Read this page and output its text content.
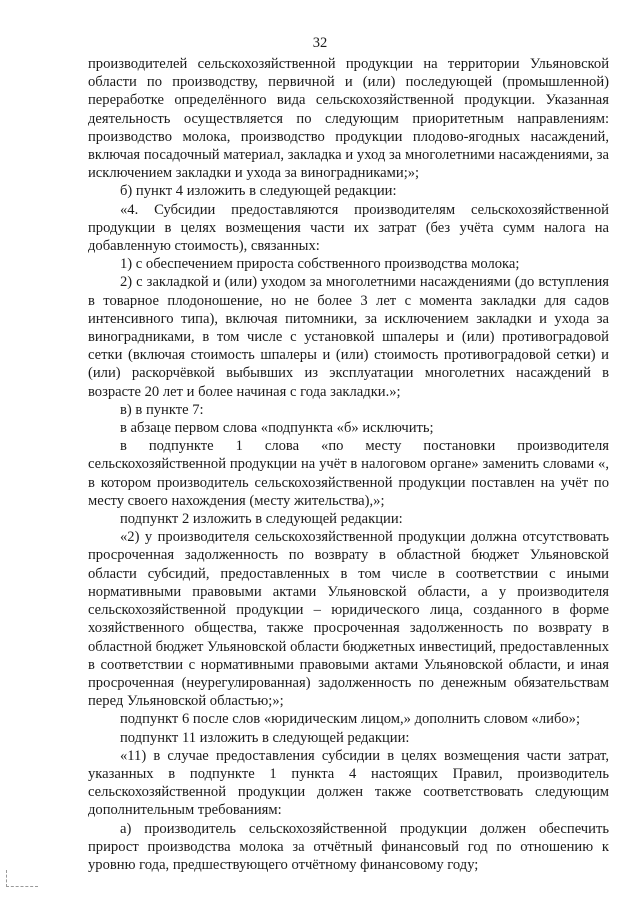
32

производителей сельскохозяйственной продукции на территории Ульяновской области по производству, первичной и (или) последующей (промышленной) переработке определённого вида сельскохозяйственной продукции. Указанная деятельность осуществляется по следующим приоритетным направлениям: производство молока, производство продукции плодово-ягодных насаждений, включая посадочный материал, закладка и уход за многолетними насаждениями, за исключением закладки и ухода за виноградниками;»;

б) пункт 4 изложить в следующей редакции:

«4. Субсидии предоставляются производителям сельскохозяйственной продукции в целях возмещения части их затрат (без учёта сумм налога на добавленную стоимость), связанных:

1) с обеспечением прироста собственного производства молока;

2) с закладкой и (или) уходом за многолетними насаждениями (до вступления в товарное плодоношение, но не более 3 лет с момента закладки для садов интенсивного типа), включая питомники, за исключением закладки и ухода за виноградниками, в том числе с установкой шпалеры и (или) противоградовой сетки (включая стоимость шпалеры и (или) стоимость противоградовой сетки) и (или) раскорчёвкой выбывших из эксплуатации многолетних насаждений в возрасте 20 лет и более начиная с года закладки.»;

в) в пункте 7:

в абзаце первом слова «подпункта «б» исключить;

в подпункте 1 слова «по месту постановки производителя сельскохозяйственной продукции на учёт в налоговом органе» заменить словами «, в котором производитель сельскохозяйственной продукции поставлен на учёт по месту своего нахождения (месту жительства),»;

подпункт 2 изложить в следующей редакции:

«2) у производителя сельскохозяйственной продукции должна отсутствовать просроченная задолженность по возврату в областной бюджет Ульяновской области субсидий, предоставленных в том числе в соответствии с иными нормативными правовыми актами Ульяновской области, а у производителя сельскохозяйственной продукции – юридического лица, созданного в форме хозяйственного общества, также просроченная задолженность по возврату в областной бюджет Ульяновской области бюджетных инвестиций, предоставленных в соответствии с нормативными правовыми актами Ульяновской области, и иная просроченная (неурегулированная) задолженность по денежным обязательствам перед Ульяновской областью;»;

подпункт 6 после слов «юридическим лицом,» дополнить словом «либо»;

подпункт 11 изложить в следующей редакции:

«11) в случае предоставления субсидии в целях возмещения части затрат, указанных в подпункте 1 пункта 4 настоящих Правил, производитель сельскохозяйственной продукции должен также соответствовать следующим дополнительным требованиям:

а) производитель сельскохозяйственной продукции должен обеспечить прирост производства молока за отчётный финансовый год по отношению к уровню года, предшествующего отчётному финансовому году;
